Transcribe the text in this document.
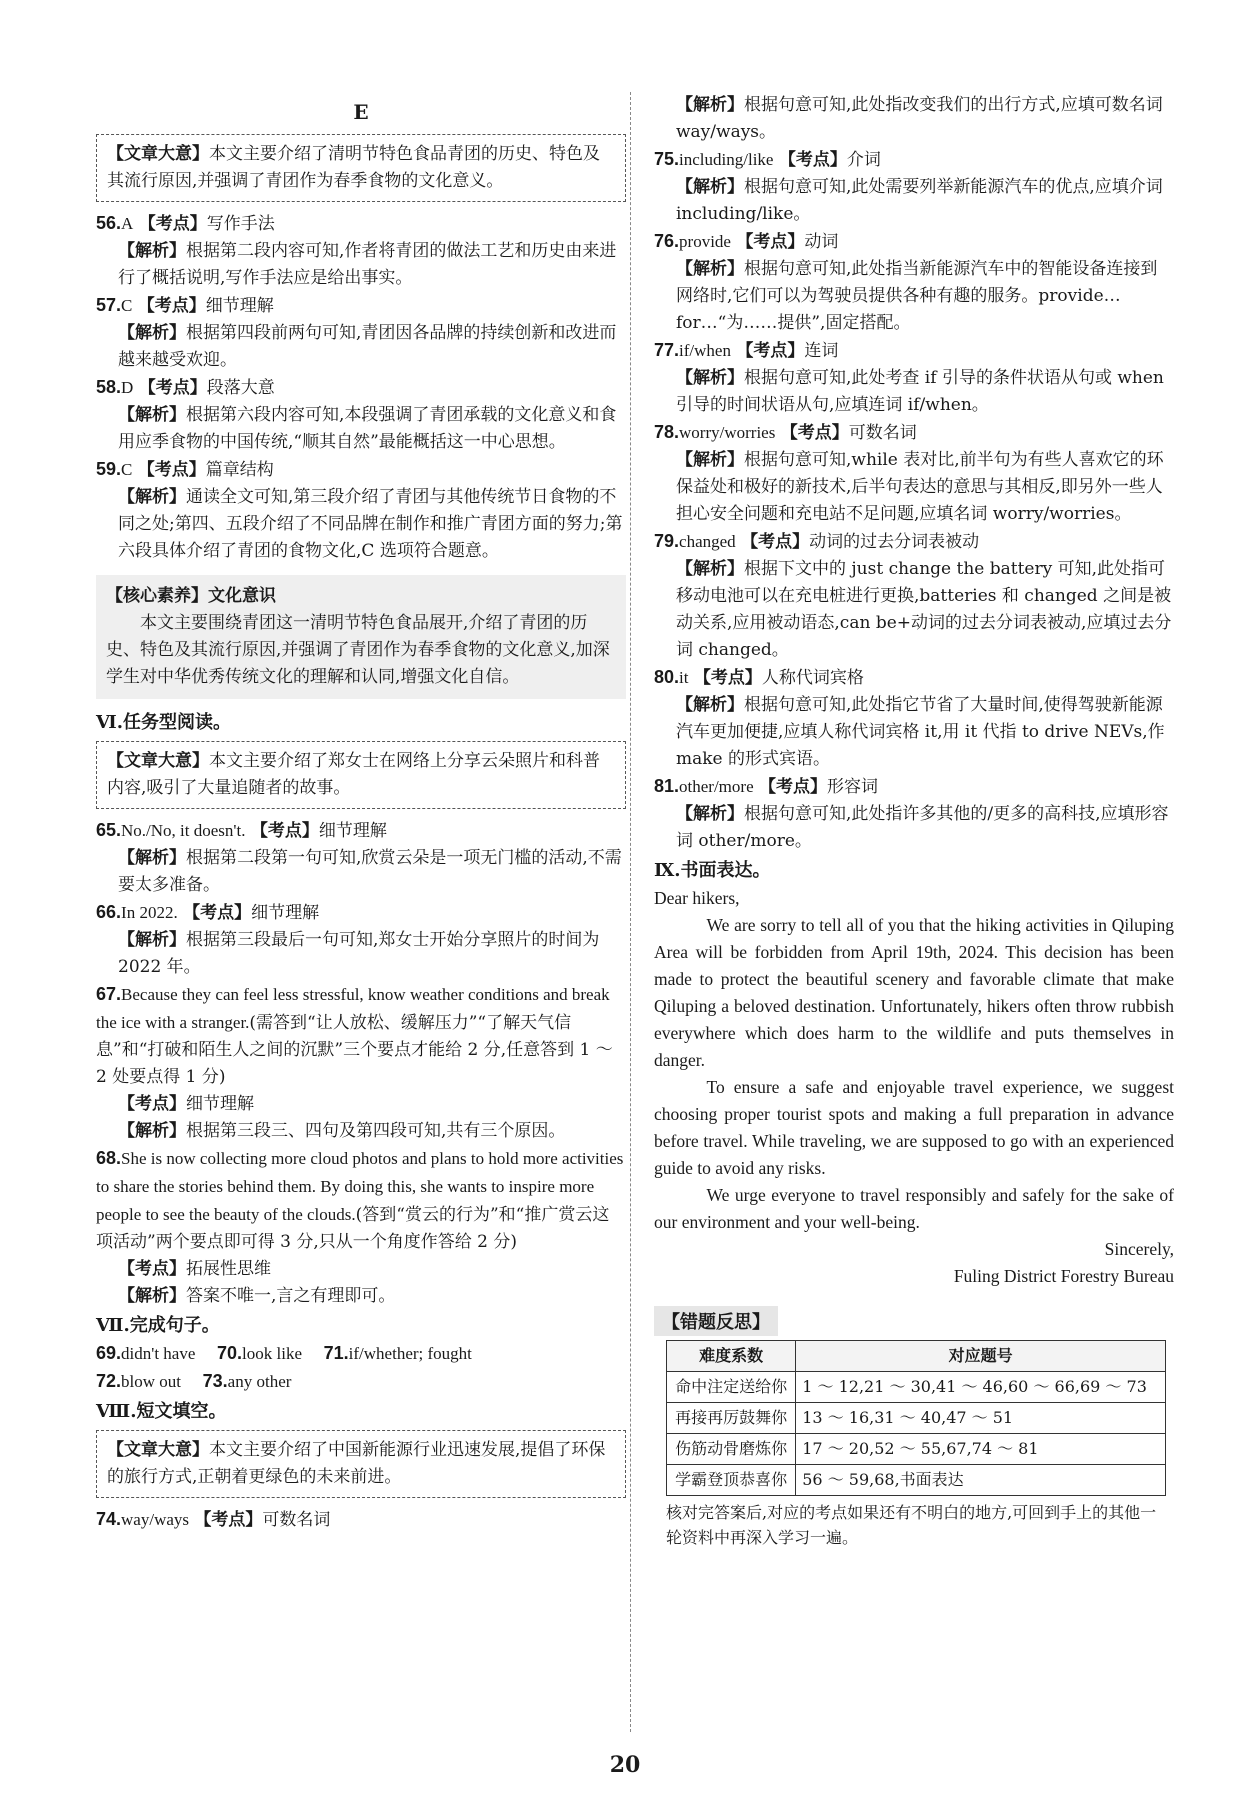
E
【文章大意】本文主要介绍了清明节特色食品青团的历史、特色及其流行原因,并强调了青团作为春季食物的文化意义。
56.A 【考点】写作手法
【解析】根据第二段内容可知,作者将青团的做法工艺和历史由来进行了概括说明,写作手法应是给出事实。
57.C 【考点】细节理解
【解析】根据第四段前两句可知,青团因各品牌的持续创新和改进而越来越受欢迎。
58.D 【考点】段落大意
【解析】根据第六段内容可知,本段强调了青团承载的文化意义和食用应季食物的中国传统,“顺其自然”最能概括这一中心思想。
59.C 【考点】篇章结构
【解析】通读全文可知,第三段介绍了青团与其他传统节日食物的不同之处;第四、五段介绍了不同品牌在制作和推广青团方面的努力;第六段具体介绍了青团的食物文化,C 选项符合题意。
【核心素养】文化意识

本文主要围绕青团这一清明节特色食品展开,介绍了青团的历史、特色及其流行原因,并强调了青团作为春季食物的文化意义,加深学生对中华优秀传统文化的理解和认同,增强文化自信。

Ⅵ.任务型阅读。
【文章大意】本文主要介绍了郑女士在网络上分享云朵照片和科普内容,吸引了大量追随者的故事。
65.No./No, it doesn't. 【考点】细节理解
【解析】根据第二段第一句可知,欣赏云朵是一项无门槛的活动,不需要太多准备。
66.In 2022. 【考点】细节理解
【解析】根据第三段最后一句可知,郑女士开始分享照片的时间为 2022 年。
67.Because they can feel less stressful, know weather conditions and break the ice with a stranger.(需答到“让人放松、缓解压力”“了解天气信息”和“打破和陌生人之间的沉默”三个要点才能给 2 分,任意答到 1 ～ 2 处要点得 1 分)
【考点】细节理解
【解析】根据第三段三、四句及第四段可知,共有三个原因。
68.She is now collecting more cloud photos and plans to hold more activities to share the stories behind them. By doing this, she wants to inspire more people to see the beauty of the clouds.(答到“赏云的行为”和“推广赏云这项活动”两个要点即可得 3 分,只从一个角度作答给 2 分)
【考点】拓展性思维
【解析】答案不唯一,言之有理即可。
Ⅶ.完成句子。
69.didn't have 70.look like 71.if/whether; fought
72.blow out 73.any other
Ⅷ.短文填空。
【文章大意】本文主要介绍了中国新能源行业迅速发展,提倡了环保的旅行方式,正朝着更绿色的未来前进。
74.way/ways 【考点】可数名词
【解析】根据句意可知,此处指改变我们的出行方式,应填可数名词 way/ways。
75.including/like 【考点】介词
【解析】根据句意可知,此处需要列举新能源汽车的优点,应填介词 including/like。
76.provide 【考点】动词
【解析】根据句意可知,此处指当新能源汽车中的智能设备连接到网络时,它们可以为驾驶员提供各种有趣的服务。provide… for…“为……提供”,固定搭配。
77.if/when 【考点】连词
【解析】根据句意可知,此处考查 if 引导的条件状语从句或 when 引导的时间状语从句,应填连词 if/when。
78.worry/worries 【考点】可数名词
【解析】根据句意可知,while 表对比,前半句为有些人喜欢它的环保益处和极好的新技术,后半句表达的意思与其相反,即另外一些人担心安全问题和充电站不足问题,应填名词 worry/worries。
79.changed 【考点】动词的过去分词表被动
【解析】根据下文中的 just change the battery 可知,此处指可移动电池可以在充电桩进行更换,batteries 和 changed 之间是被动关系,应用被动语态,can be+动词的过去分词表被动,应填过去分词 changed。
80.it 【考点】人称代词宾格
【解析】根据句意可知,此处指它节省了大量时间,使得驾驶新能源汽车更加便捷,应填人称代词宾格 it,用 it 代指 to drive NEVs,作 make 的形式宾语。
81.other/more 【考点】形容词
【解析】根据句意可知,此处指许多其他的/更多的高科技,应填形容词 other/more。
Ⅸ.书面表达。
Dear hikers,

We are sorry to tell all of you that the hiking activities in Qiluping Area will be forbidden from April 19th, 2024. This decision has been made to protect the beautiful scenery and favorable climate that make Qiluping a beloved destination. Unfortunately, hikers often throw rubbish everywhere which does harm to the wildlife and puts themselves in danger.

To ensure a safe and enjoyable travel experience, we suggest choosing proper tourist spots and making a full preparation in advance before travel. While traveling, we are supposed to go with an experienced guide to avoid any risks.

We urge everyone to travel responsibly and safely for the sake of our environment and your well-being.

Sincerely,
Fuling District Forestry Bureau
【错题反思】
难度系数	对应题号
命中注定送给你	1 ～ 12,21 ～ 30,41 ～ 46,60 ～ 66,69 ～ 73
再接再厉鼓舞你	13 ～ 16,31 ～ 40,47 ～ 51
伤筋动骨磨炼你	17 ～ 20,52 ～ 55,67,74 ～ 81
学霸登顶恭喜你	56 ～ 59,68,书面表达
核对完答案后,对应的考点如果还有不明白的地方,可回到手上的其他一轮资料中再深入学习一遍。
20
